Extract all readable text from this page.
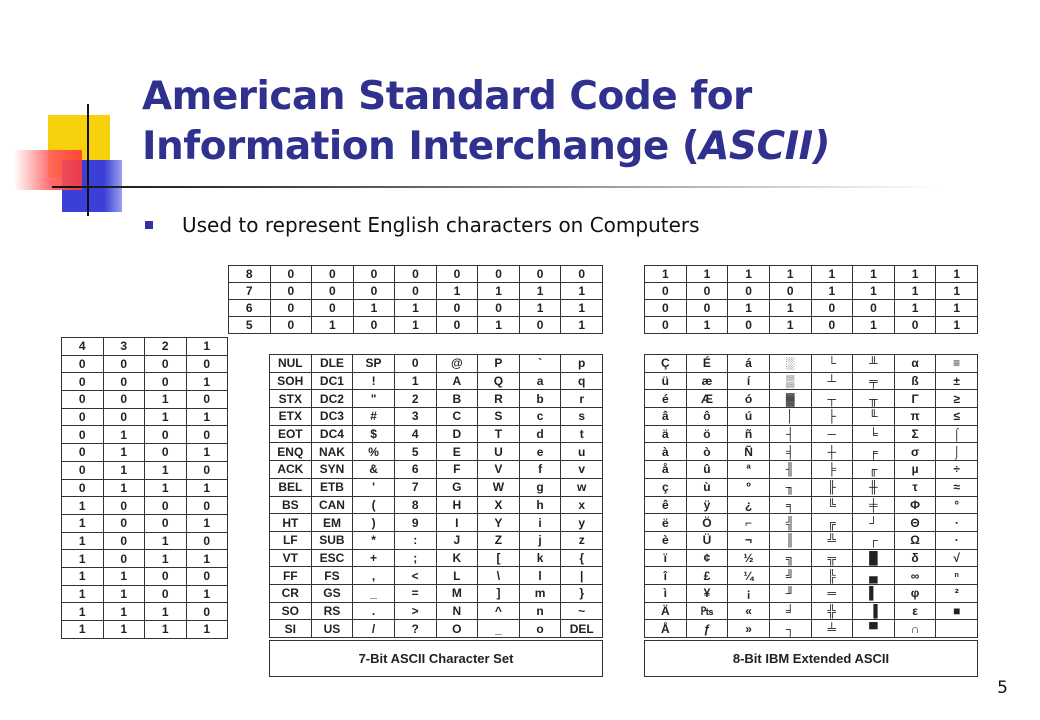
American Standard Code for
Information Interchange (ASCII)
Used to represent English characters on Computers
8	0	0	0	0	0	0	0	0
7	0	0	0	0	1	1	1	1
6	0	0	1	1	0	0	1	1
5	0	1	0	1	0	1	0	1
4	3	2	1
0	0	0	0
0	0	0	1
0	0	1	0
0	0	1	1
0	1	0	0
0	1	0	1
0	1	1	0
0	1	1	1
1	0	0	0
1	0	0	1
1	0	1	0
1	0	1	1
1	1	0	0
1	1	0	1
1	1	1	0
1	1	1	1
NUL	DLE	SP	0	@	P	`	p
SOH	DC1	!	1	A	Q	a	q
STX	DC2	"	2	B	R	b	r
ETX	DC3	#	3	C	S	c	s
EOT	DC4	$	4	D	T	d	t
ENQ	NAK	%	5	E	U	e	u
ACK	SYN	&	6	F	V	f	v
BEL	ETB	'	7	G	W	g	w
BS	CAN	(	8	H	X	h	x
HT	EM	)	9	I	Y	i	y
LF	SUB	*	:	J	Z	j	z
VT	ESC	+	;	K	[	k	{
FF	FS	,	<	L	\	l	|
CR	GS	_	=	M	]	m	}
SO	RS	.	>	N	^	n	~
SI	US	/	?	O	_	o	DEL
7-Bit ASCII Character Set
1	1	1	1	1	1	1	1
0	0	0	0	1	1	1	1
0	0	1	1	0	0	1	1
0	1	0	1	0	1	0	1
Ç	É	á	░	└	╨	α	≡
ü	æ	í	▒	┴	╤	ß	±
é	Æ	ó	▓	┬	╥	Γ	≥
â	ô	ú	│	├	╙	π	≤
ä	ö	ñ	┤	─	╘	Σ	⌠
à	ò	Ñ	╡	┼	╒	σ	⌡
å	û	ª	╢	╞	╓	µ	÷
ç	ù	º	╖	╟	╫	τ	≈
ê	ÿ	¿	╕	╚	╪	Φ	°
ë	Ö	⌐	╣	╔	┘	Θ	∙
è	Ü	¬	║	╩	┌	Ω	·
ï	¢	½	╗	╦	█	δ	√
î	£	¼	╝	╠	▄	∞	ⁿ
ì	¥	¡	╜	═	▌	φ	²
Ä	₧	«	╛	╬	▐	ε	■
Å	ƒ	»	┐	╧	▀	∩	
8-Bit IBM Extended ASCII
5
